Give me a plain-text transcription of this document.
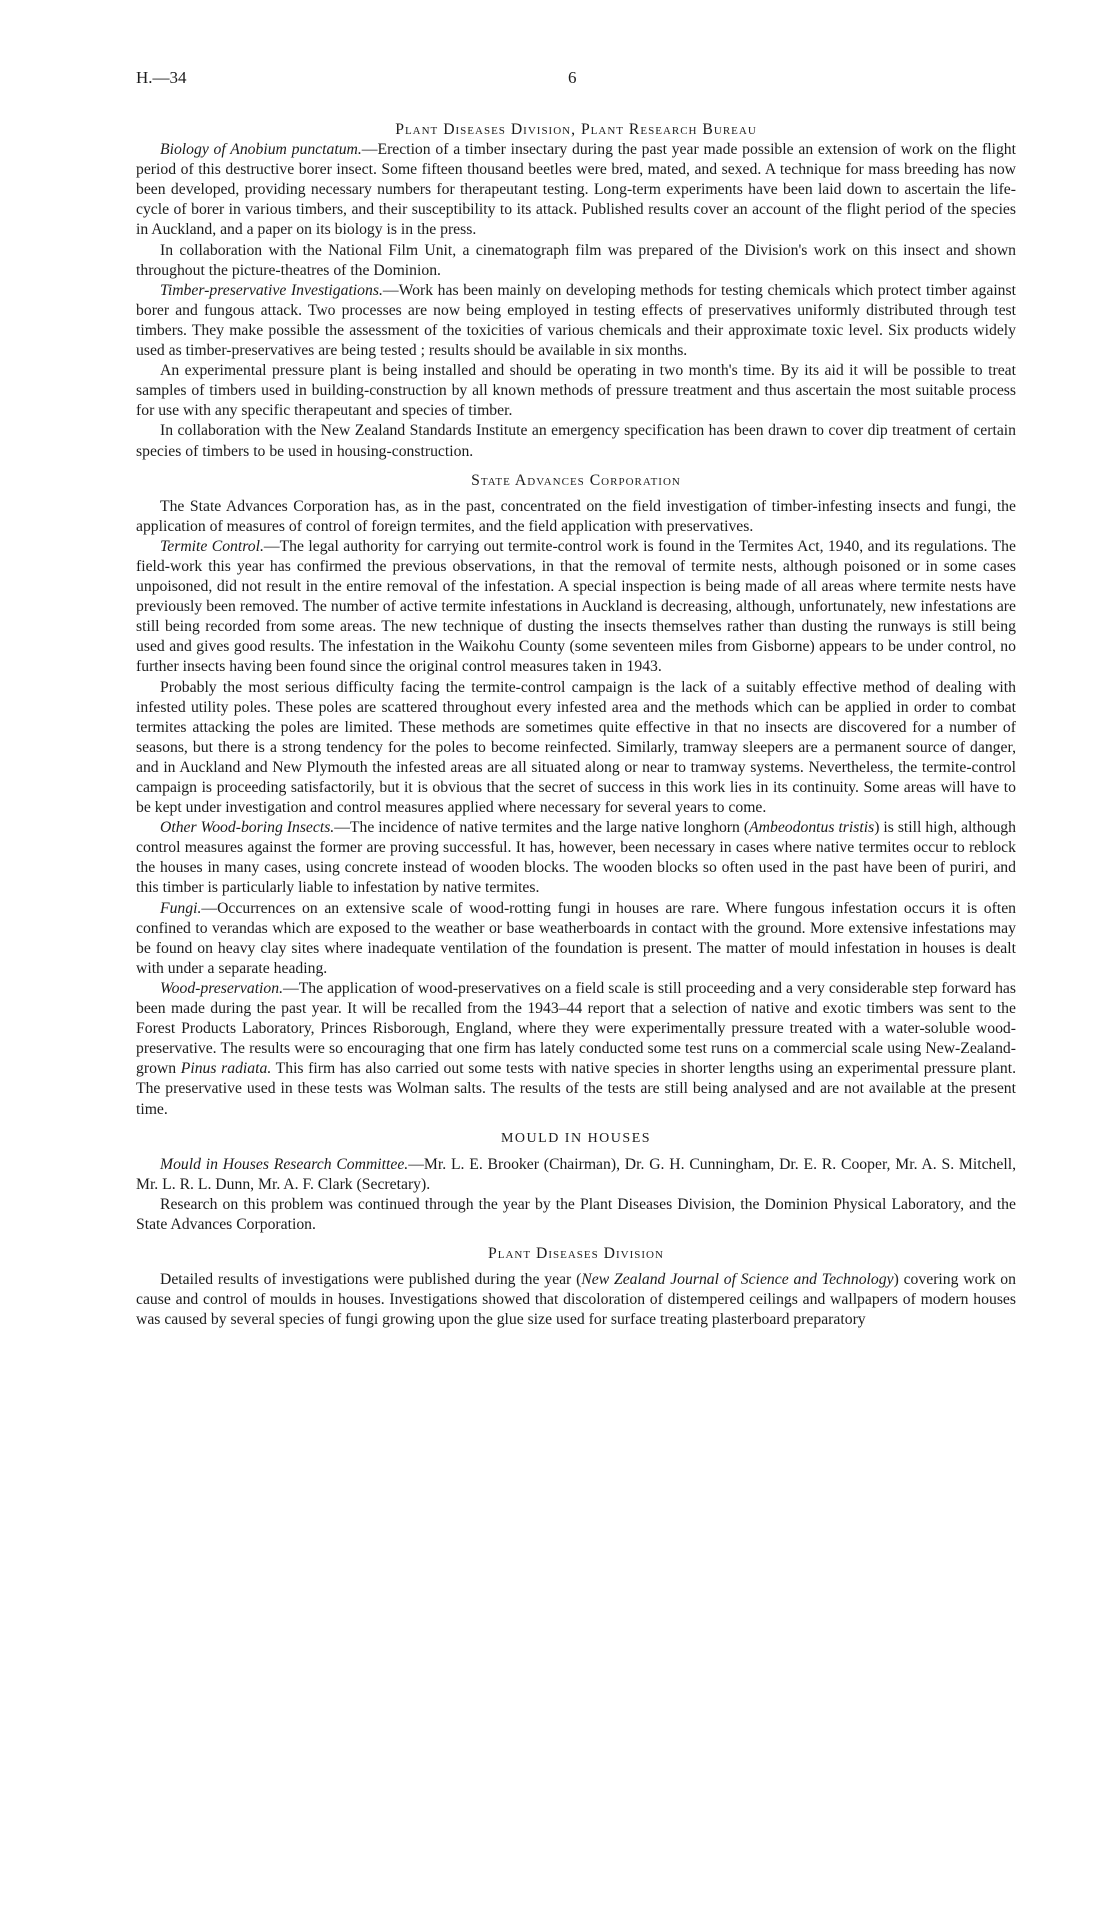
H.—34	6
Plant Diseases Division, Plant Research Bureau

Biology of Anobium punctatum.—Erection of a timber insectary during the past year made possible an extension of work on the flight period of this destructive borer insect. Some fifteen thousand beetles were bred, mated, and sexed. A technique for mass breeding has now been developed, providing necessary numbers for therapeutant testing. Long-term experiments have been laid down to ascertain the life-cycle of borer in various timbers, and their susceptibility to its attack. Published results cover an account of the flight period of the species in Auckland, and a paper on its biology is in the press.

In collaboration with the National Film Unit, a cinematograph film was prepared of the Division's work on this insect and shown throughout the picture-theatres of the Dominion.

Timber-preservative Investigations.—Work has been mainly on developing methods for testing chemicals which protect timber against borer and fungous attack. Two processes are now being employed in testing effects of preservatives uniformly distributed through test timbers. They make possible the assessment of the toxicities of various chemicals and their approximate toxic level. Six products widely used as timber-preservatives are being tested ; results should be available in six months.

An experimental pressure plant is being installed and should be operating in two month's time. By its aid it will be possible to treat samples of timbers used in building-construction by all known methods of pressure treatment and thus ascertain the most suitable process for use with any specific therapeutant and species of timber.

In collaboration with the New Zealand Standards Institute an emergency specification has been drawn to cover dip treatment of certain species of timbers to be used in housing-construction.

State Advances Corporation

The State Advances Corporation has, as in the past, concentrated on the field investigation of timber-infesting insects and fungi, the application of measures of control of foreign termites, and the field application with preservatives.

Termite Control.—The legal authority for carrying out termite-control work is found in the Termites Act, 1940, and its regulations. The field-work this year has confirmed the previous observations, in that the removal of termite nests, although poisoned or in some cases unpoisoned, did not result in the entire removal of the infestation. A special inspection is being made of all areas where termite nests have previously been removed. The number of active termite infestations in Auckland is decreasing, although, unfortunately, new infestations are still being recorded from some areas. The new technique of dusting the insects themselves rather than dusting the runways is still being used and gives good results. The infestation in the Waikohu County (some seventeen miles from Gisborne) appears to be under control, no further insects having been found since the original control measures taken in 1943.

Probably the most serious difficulty facing the termite-control campaign is the lack of a suitably effective method of dealing with infested utility poles. These poles are scattered throughout every infested area and the methods which can be applied in order to combat termites attacking the poles are limited. These methods are sometimes quite effective in that no insects are discovered for a number of seasons, but there is a strong tendency for the poles to become reinfected. Similarly, tramway sleepers are a permanent source of danger, and in Auckland and New Plymouth the infested areas are all situated along or near to tramway systems. Nevertheless, the termite-control campaign is proceeding satisfactorily, but it is obvious that the secret of success in this work lies in its continuity. Some areas will have to be kept under investigation and control measures applied where necessary for several years to come.

Other Wood-boring Insects.—The incidence of native termites and the large native longhorn (Ambeodontus tristis) is still high, although control measures against the former are proving successful. It has, however, been necessary in cases where native termites occur to reblock the houses in many cases, using concrete instead of wooden blocks. The wooden blocks so often used in the past have been of puriri, and this timber is particularly liable to infestation by native termites.

Fungi.—Occurrences on an extensive scale of wood-rotting fungi in houses are rare. Where fungous infestation occurs it is often confined to verandas which are exposed to the weather or base weatherboards in contact with the ground. More extensive infestations may be found on heavy clay sites where inadequate ventilation of the foundation is present. The matter of mould infestation in houses is dealt with under a separate heading.

Wood-preservation.—The application of wood-preservatives on a field scale is still proceeding and a very considerable step forward has been made during the past year. It will be recalled from the 1943–44 report that a selection of native and exotic timbers was sent to the Forest Products Laboratory, Princes Risborough, England, where they were experimentally pressure treated with a water-soluble wood-preservative. The results were so encouraging that one firm has lately conducted some test runs on a commercial scale using New-Zealand-grown Pinus radiata. This firm has also carried out some tests with native species in shorter lengths using an experimental pressure plant. The preservative used in these tests was Wolman salts. The results of the tests are still being analysed and are not available at the present time.

MOULD IN HOUSES

Mould in Houses Research Committee.—Mr. L. E. Brooker (Chairman), Dr. G. H. Cunningham, Dr. E. R. Cooper, Mr. A. S. Mitchell, Mr. L. R. L. Dunn, Mr. A. F. Clark (Secretary).

Research on this problem was continued through the year by the Plant Diseases Division, the Dominion Physical Laboratory, and the State Advances Corporation.

Plant Diseases Division

Detailed results of investigations were published during the year (New Zealand Journal of Science and Technology) covering work on cause and control of moulds in houses. Investigations showed that discoloration of distempered ceilings and wallpapers of modern houses was caused by several species of fungi growing upon the glue size used for surface treating plasterboard preparatory
